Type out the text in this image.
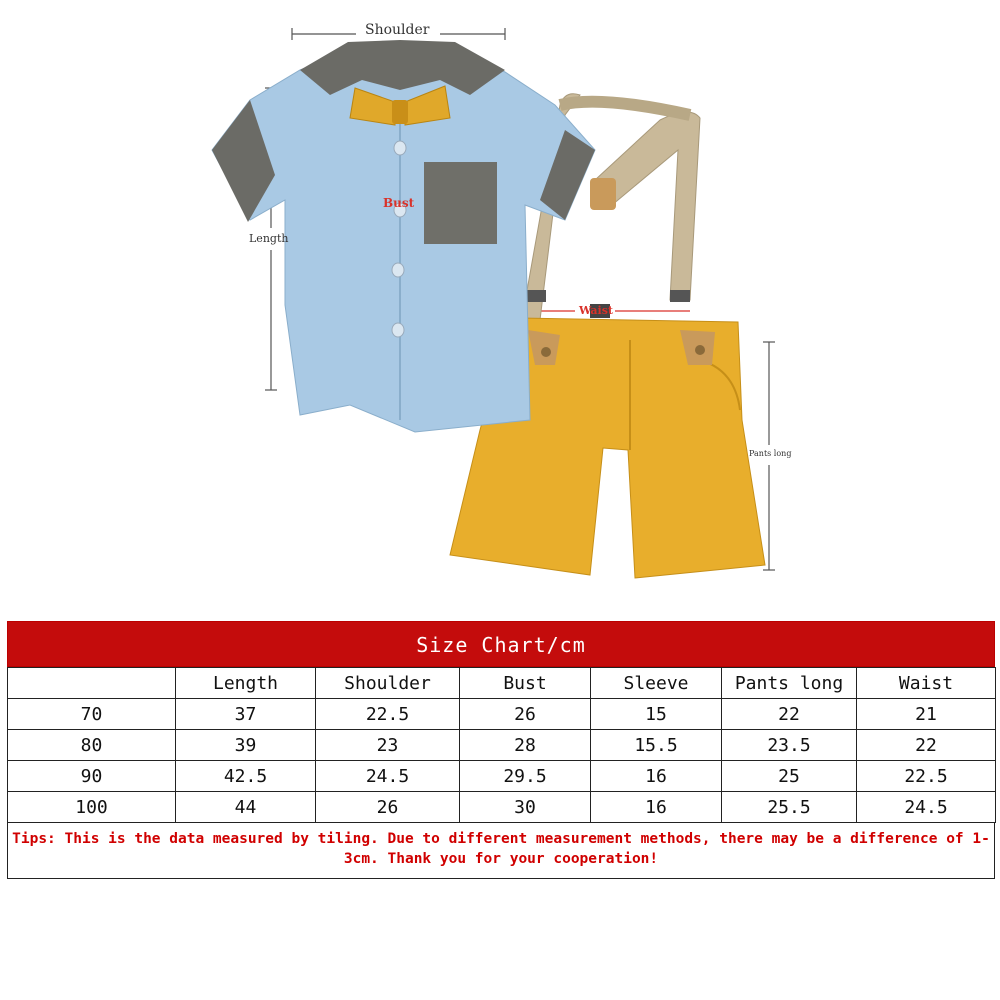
Shoulder
Bust
Length
Waist
Pants long
Size Chart/cm
	Length	Shoulder	Bust	Sleeve	Pants long	Waist
70	37	22.5	26	15	22	21
80	39	23	28	15.5	23.5	22
90	42.5	24.5	29.5	16	25	22.5
100	44	26	30	16	25.5	24.5
Tips: This is the data measured by tiling. Due to different measurement methods, there may be a difference of 1-3cm. Thank you for your cooperation!
